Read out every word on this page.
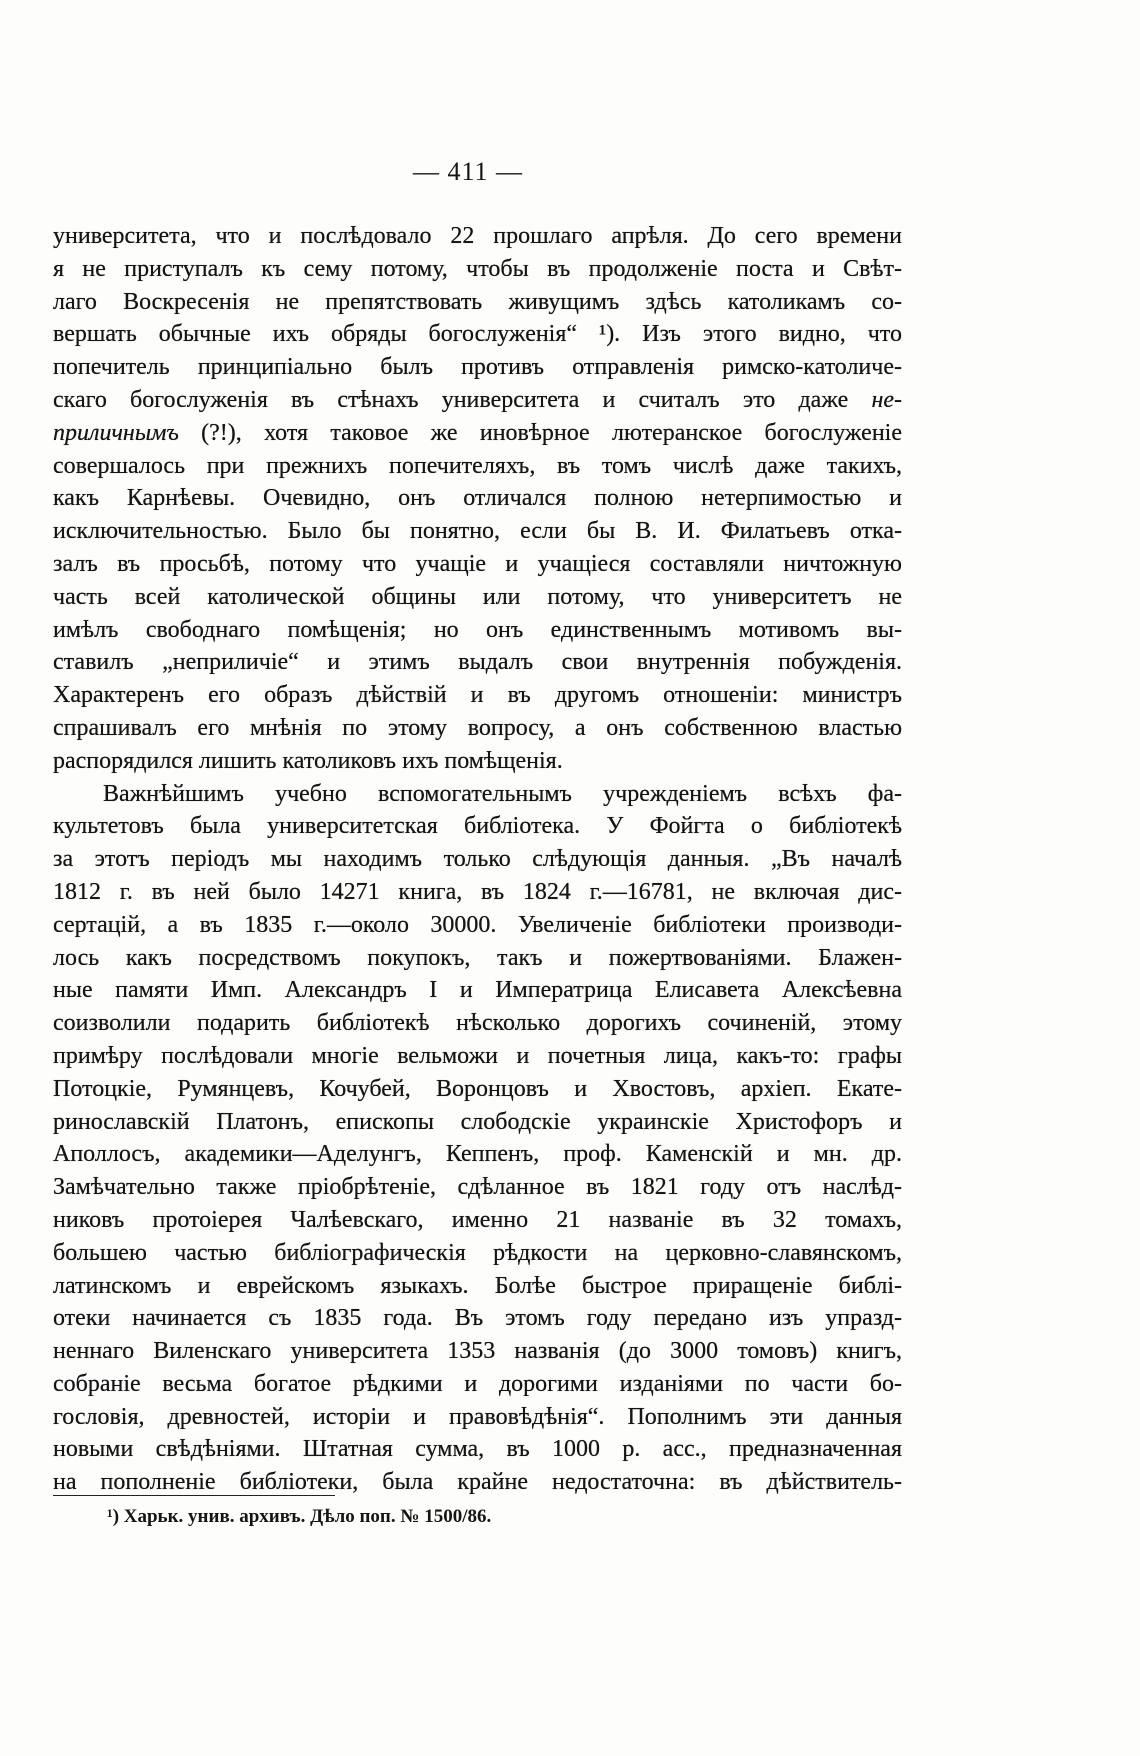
— 411 —
университета, что и послѣдовало 22 прошлаго апрѣля. До сего времени
я не приступалъ къ сему потому, чтобы въ продолженіе поста и Свѣт-
лаго Воскресенія не препятствовать живущимъ здѣсь католикамъ со-
вершать обычные ихъ обряды богослуженія“ ¹). Изъ этого видно, что
попечитель принципіально былъ противъ отправленія римско-католиче-
скаго богослуженія въ стѣнахъ университета и считалъ это даже не-
приличнымъ (?!), хотя таковое же иновѣрное лютеранское богослуженіе
совершалось при прежнихъ попечителяхъ, въ томъ числѣ даже такихъ,
какъ Карнѣевы. Очевидно, онъ отличался полною нетерпимостью и
исключительностью. Было бы понятно, если бы В. И. Филатьевъ отка-
залъ въ просьбѣ, потому что учащіе и учащіеся составляли ничтожную
часть всей католической общины или потому, что университетъ не
имѣлъ свободнаго помѣщенія; но онъ единственнымъ мотивомъ вы-
ставилъ „неприличіе“ и этимъ выдалъ свои внутреннія побужденія.
Характеренъ его образъ дѣйствій и въ другомъ отношеніи: министръ
спрашивалъ его мнѣнія по этому вопросу, а онъ собственною властью
распорядился лишить католиковъ ихъ помѣщенія.
Важнѣйшимъ учебно вспомогательнымъ учрежденіемъ всѣхъ фа-
культетовъ была университетская библіотека. У Фойгта о библіотекѣ
за этотъ періодъ мы находимъ только слѣдующія данныя. „Въ началѣ
1812 г. въ ней было 14271 книга, въ 1824 г.—16781, не включая дис-
сертацій, а въ 1835 г.—около 30000. Увеличеніе библіотеки производи-
лось какъ посредствомъ покупокъ, такъ и пожертвованіями. Блажен-
ные памяти Имп. Александръ I и Императрица Елисавета Алексѣевна
соизволили подарить библіотекѣ нѣсколько дорогихъ сочиненій, этому
примѣру послѣдовали многіе вельможи и почетныя лица, какъ-то: графы
Потоцкіе, Румянцевъ, Кочубей, Воронцовъ и Хвостовъ, архіеп. Екате-
ринославскій Платонъ, епископы слободскіе украинскіе Христофоръ и
Аполлосъ, академики—Аделунгъ, Кеппенъ, проф. Каменскій и мн. др.
Замѣчательно также пріобрѣтеніе, сдѣланное въ 1821 году отъ наслѣд-
никовъ протоіерея Чалѣевскаго, именно 21 названіе въ 32 томахъ,
большею частью библіографическія рѣдкости на церковно-славянскомъ,
латинскомъ и еврейскомъ языкахъ. Болѣе быстрое приращеніе библі-
отеки начинается съ 1835 года. Въ этомъ году передано изъ упразд-
неннаго Виленскаго университета 1353 названія (до 3000 томовъ) книгъ,
собраніе весьма богатое рѣдкими и дорогими изданіями по части бо-
гословія, древностей, исторіи и правовѣдѣнія“. Пополнимъ эти данныя
новыми свѣдѣніями. Штатная сумма, въ 1000 р. асс., предназначенная
на пополненіе библіотеки, была крайне недостаточна: въ дѣйствитель-
¹) Харьк. унив. архивъ. Дѣло поп. № 1500/86.
